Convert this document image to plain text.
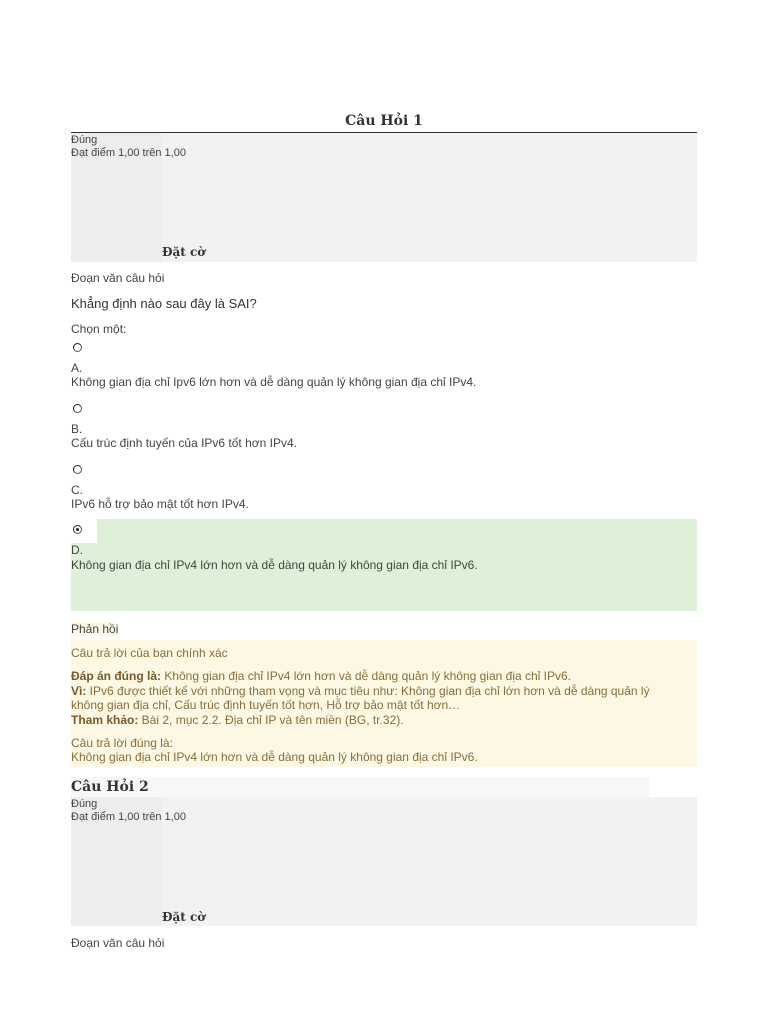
Câu Hỏi 1
Đúng
Đạt điểm 1,00 trên 1,00
Đặt cờ
Đoạn văn câu hỏi
Khẳng định nào sau đây là SAI?
Chọn một:
A.
Không gian địa chỉ Ipv6 lớn hơn và dễ dàng quản lý không gian địa chỉ IPv4.
B.
Cấu trúc định tuyến của IPv6 tốt hơn IPv4.
C.
IPv6 hỗ trợ bảo mật tốt hơn IPv4.
D.
Không gian địa chỉ IPv4 lớn hơn và dễ dàng quản lý không gian địa chỉ IPv6.
Phản hồi
Câu trả lời của bạn chính xác
Đáp án đúng là: Không gian địa chỉ IPv4 lớn hơn và dễ dàng quản lý không gian địa chỉ IPv6.
Vì: IPv6 được thiết kế với những tham vọng và mục tiêu như: Không gian địa chỉ lớn hơn và dễ dàng quản lý
không gian địa chỉ, Cấu trúc định tuyến tốt hơn, Hỗ trợ bảo mật tốt hơn…
Tham khảo: Bài 2, mục 2.2. Địa chỉ IP và tên miền (BG, tr.32).
Câu trả lời đúng là:
Không gian địa chỉ IPv4 lớn hơn và dễ dàng quản lý không gian địa chỉ IPv6.
Câu Hỏi 2
Đúng
Đạt điểm 1,00 trên 1,00
Đặt cờ
Đoạn văn câu hỏi
